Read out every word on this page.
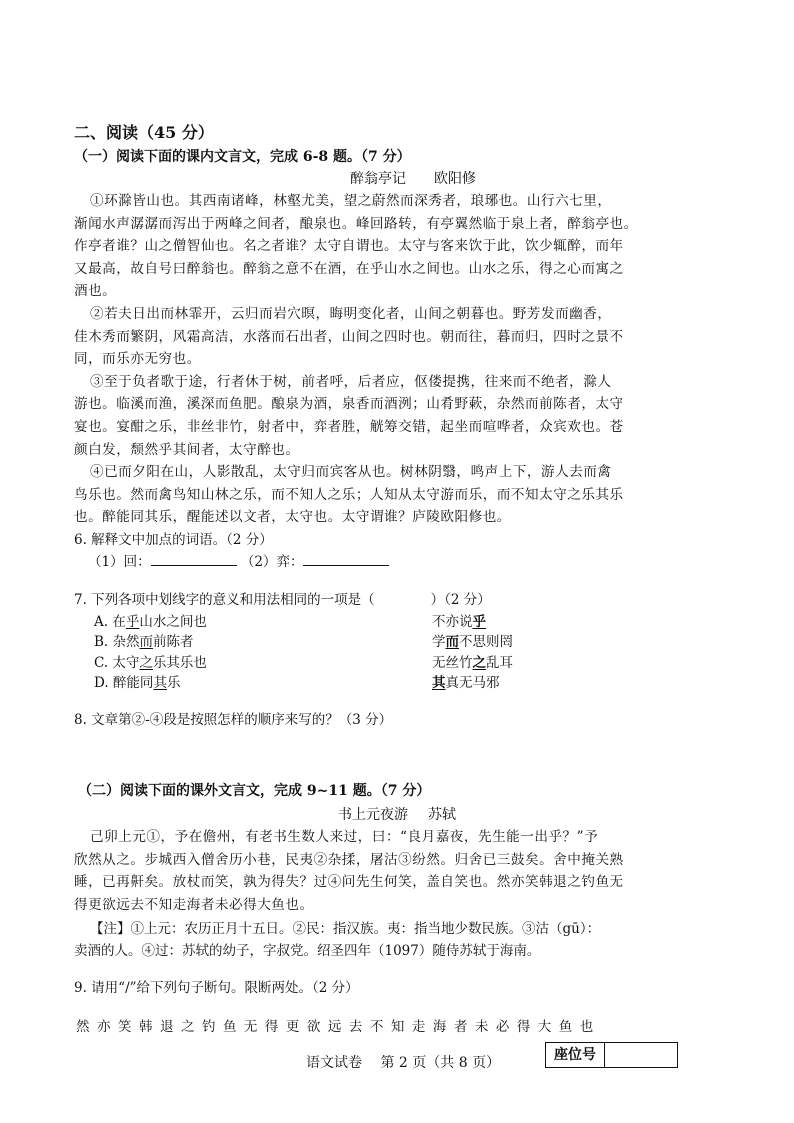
二、阅读（45 分）
（一）阅读下面的课内文言文，完成 6-8 题。（7 分）
醉翁亭记 欧阳修

①环滁皆山也。其西南诸峰，林壑尤美，望之蔚然而深秀者，琅琊也。山行六七里，

渐闻水声潺潺而泻出于两峰之间者，酿泉也。峰回路转，有亭翼然临于泉上者，醉翁亭也。

作亭者谁？山之僧智仙也。名之者谁？太守自谓也。太守与客来饮于此，饮少辄醉，而年

又最高，故自号曰醉翁也。醉翁之意不在酒，在乎山水之间也。山水之乐，得之心而寓之

酒也。

②若夫日出而林霏开，云归而岩穴暝，晦明变化者，山间之朝暮也。野芳发而幽香，

佳木秀而繁阴，风霜高洁，水落而石出者，山间之四时也。朝而往，暮而归，四时之景不

同，而乐亦无穷也。

③至于负者歌于途，行者休于树，前者呼，后者应，伛偻提携，往来而不绝者，滁人

游也。临溪而渔，溪深而鱼肥。酿泉为酒，泉香而酒洌；山肴野蔌，杂然而前陈者，太守

宴也。宴酣之乐，非丝非竹，射者中，弈者胜，觥筹交错，起坐而喧哗者，众宾欢也。苍

颜白发，颓然乎其间者，太守醉也。

④已而夕阳在山，人影散乱，太守归而宾客从也。树林阴翳，鸣声上下，游人去而禽

鸟乐也。然而禽鸟知山林之乐，而不知人之乐；人知从太守游而乐，而不知太守之乐其乐

也。醉能同其乐，醒能述以文者，太守也。太守谓谁？庐陵欧阳修也。

6. 解释文中加点的词语。（2 分）
（1）回：	（2）弈：
7. 下列各项中划线字的意义和用法相同的一项是（	）（2 分）
A. 在乎山水之间也	不亦说乎
B. 杂然而前陈者	学而不思则罔
C. 太守之乐其乐也	无丝竹之乱耳
D. 醉能同其乐	其真无马邪
8. 文章第②-④段是按照怎样的顺序来写的？（3 分）
（二）阅读下面的课外文言文，完成 9~11 题。（7 分）
书上元夜游 苏轼

己卯上元①，予在儋州，有老书生数人来过，曰：“良月嘉夜，先生能一出乎？”予

欣然从之。步城西入僧舍历小巷，民夷②杂揉，屠沽③纷然。归舍已三鼓矣。舍中掩关熟

睡，已再鼾矣。放杖而笑，孰为得失？过④问先生何笑，盖自笑也。然亦笑韩退之钓鱼无

得更欲远去不知走海者未必得大鱼也。

【注】①上元：农历正月十五日。②民：指汉族。夷：指当地少数民族。③沽（gū）：
卖酒的人。④过：苏轼的幼子，字叔党。绍圣四年（1097）随侍苏轼于海南。
9. 请用“/”给下列句子断句。限断两处。（2 分）
然 亦 笑 韩 退 之 钓 鱼 无 得 更 欲 远 去 不 知 走 海 者 未 必 得 大 鱼 也
语文试卷　 第 2 页（共 8 页）	座位号
